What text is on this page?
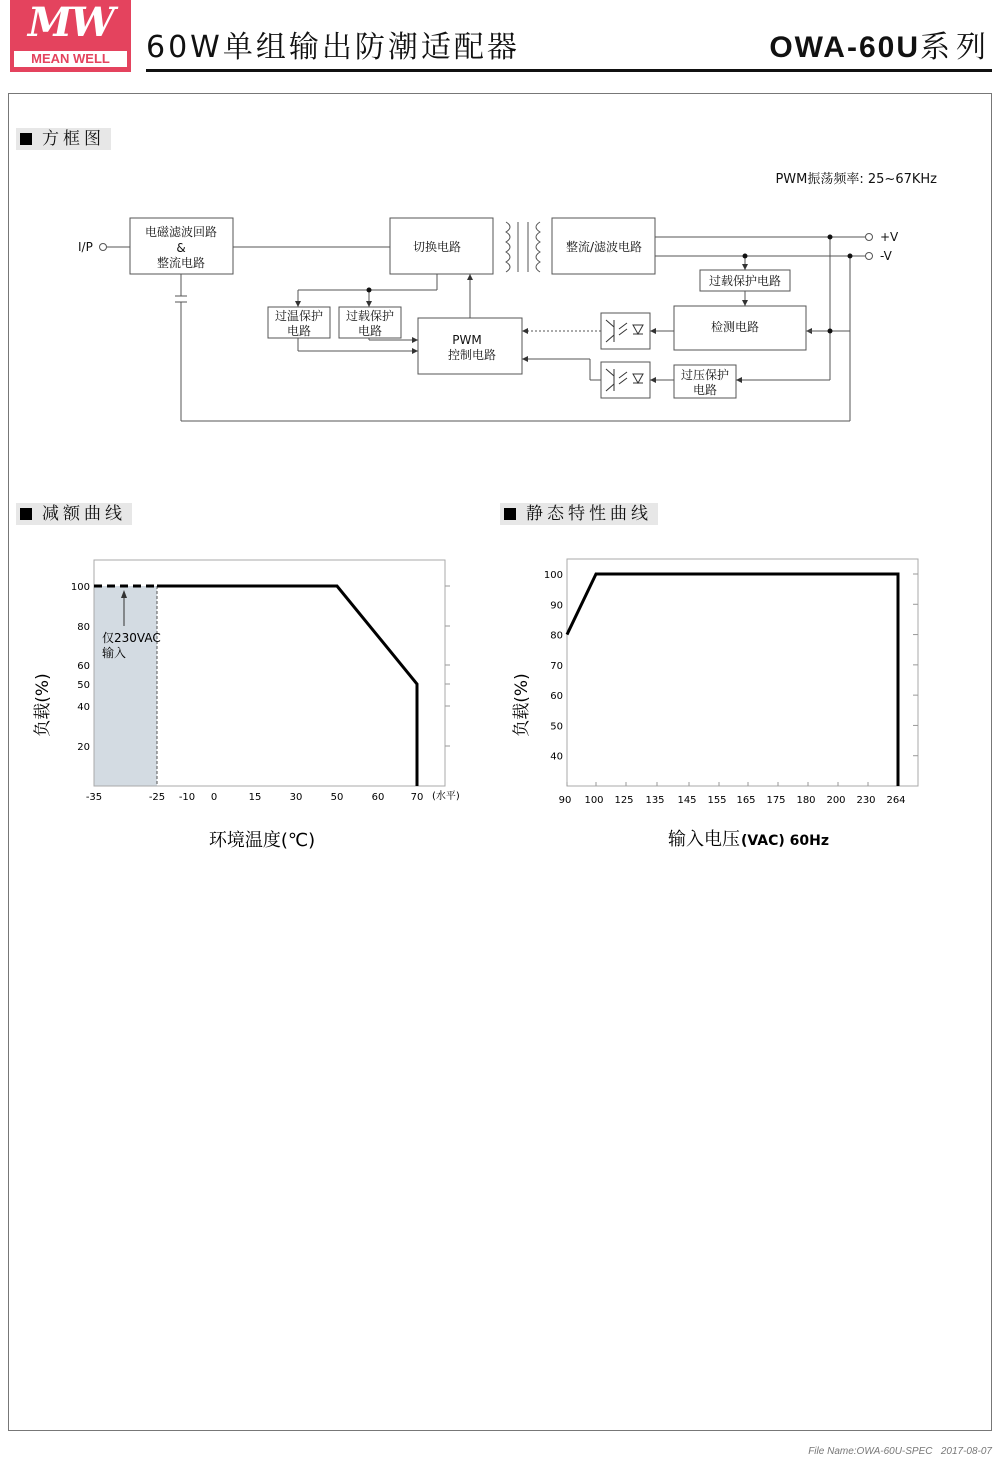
MW
MEAN WELL	60W单组输出防潮适配器	OWA-60U系列
方框图
减额曲线	静态特性曲线
PWM振荡频率: 25~67KHz
I/P
电磁滤波回路
&
整流电路
切换电路	整流/滤波电路
+V
-V
过载保护电路
检测电路
过温保护
电路
过载保护
电路
PWM
控制电路
过压保护
电路
-35	-25 -10 0	15	30	50	60	70
100
80
60
50
40
20
仅230VAC
输入
(水平)
环境温度(℃)
负载(%)
90 100 125 135 145 155 165 175 180 200 230 264
100
90
80
70
60
50
40
输入电压 (VAC) 60Hz
负载(%)
File Name:OWA-60U-SPEC 2017-08-07
